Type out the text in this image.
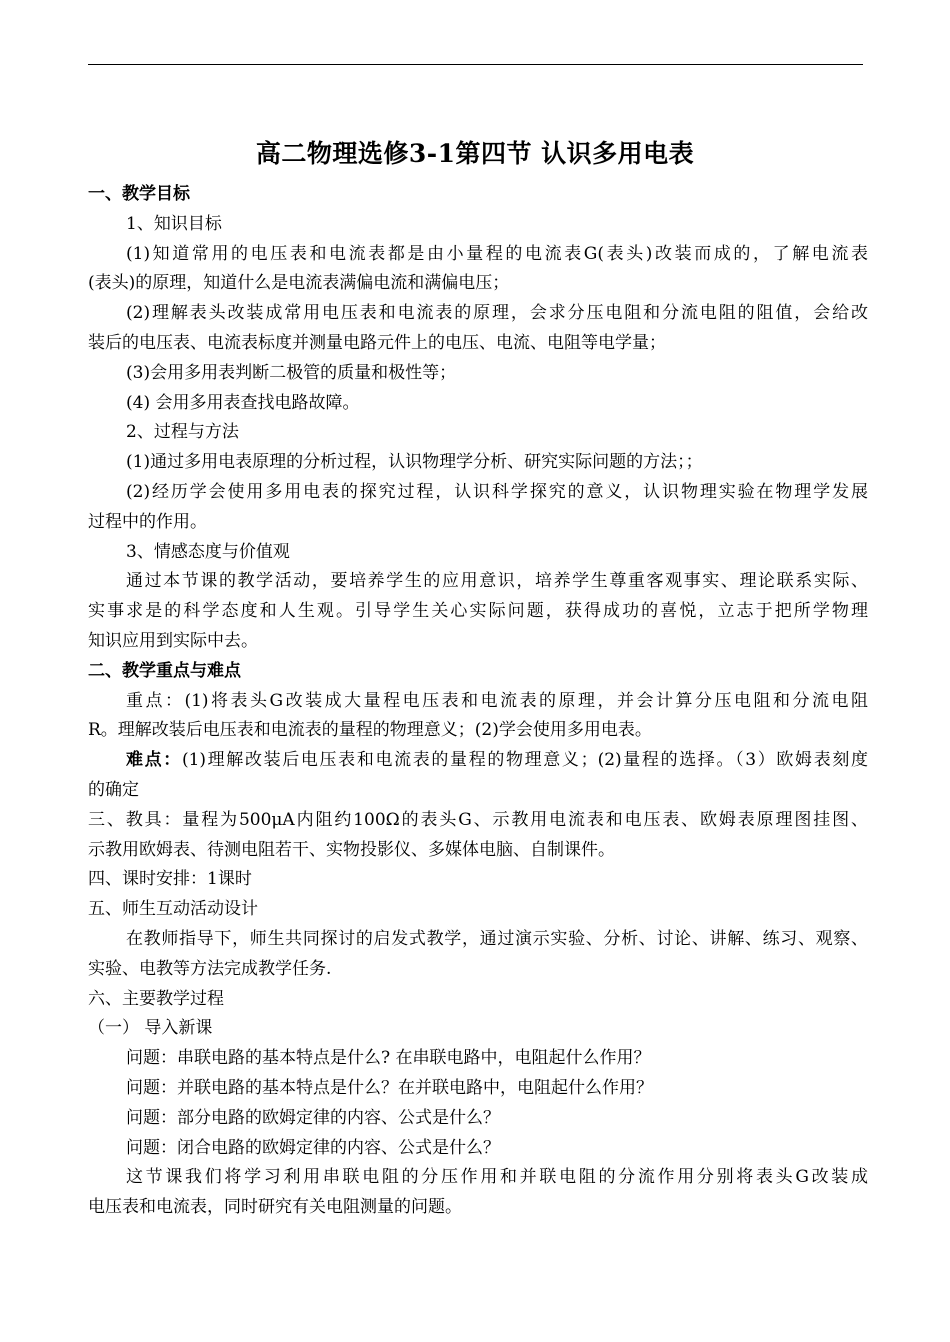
高二物理选修3-1第四节 认识多用电表
一、教学目标
1、知识目标
(1)知道常用的电压表和电流表都是由小量程的电流表G(表头)改装而成的，了解电流表
(表头)的原理，知道什么是电流表满偏电流和满偏电压；
(2)理解表头改装成常用电压表和电流表的原理，会求分压电阻和分流电阻的阻值，会给改
装后的电压表、电流表标度并测量电路元件上的电压、电流、电阻等电学量；
(3)会用多用表判断二极管的质量和极性等；
(4) 会用多用表查找电路故障。
2、过程与方法
(1)通过多用电表原理的分析过程，认识物理学分析、研究实际问题的方法；；
(2)经历学会使用多用电表的探究过程，认识科学探究的意义，认识物理实验在物理学发展
过程中的作用。
3、情感态度与价值观
通过本节课的教学活动，要培养学生的应用意识，培养学生尊重客观事实、理论联系实际、
实事求是的科学态度和人生观。引导学生关心实际问题，获得成功的喜悦，立志于把所学物理
知识应用到实际中去。
二、教学重点与难点
重点：(1)将表头G改装成大量程电压表和电流表的原理，并会计算分压电阻和分流电阻
R。理解改装后电压表和电流表的量程的物理意义；(2)学会使用多用电表。
难点：(1)理解改装后电压表和电流表的量程的物理意义；(2)量程的选择。（3）欧姆表刻度
的确定
三、教具：量程为500μA内阻约100Ω的表头G、示教用电流表和电压表、欧姆表原理图挂图、
示教用欧姆表、待测电阻若干、实物投影仪、多媒体电脑、自制课件。
四、课时安排：1课时
五、师生互动活动设计
在教师指导下，师生共同探讨的启发式教学，通过演示实验、分析、讨论、讲解、练习、观察、
实验、电教等方法完成教学任务.
六、主要教学过程
（一） 导入新课
问题：串联电路的基本特点是什么? 在串联电路中，电阻起什么作用？
问题：并联电路的基本特点是什么？在并联电路中，电阻起什么作用？
问题：部分电路的欧姆定律的内容、公式是什么？
问题：闭合电路的欧姆定律的内容、公式是什么？
这节课我们将学习利用串联电阻的分压作用和并联电阻的分流作用分别将表头G改装成
电压表和电流表，同时研究有关电阻测量的问题。
